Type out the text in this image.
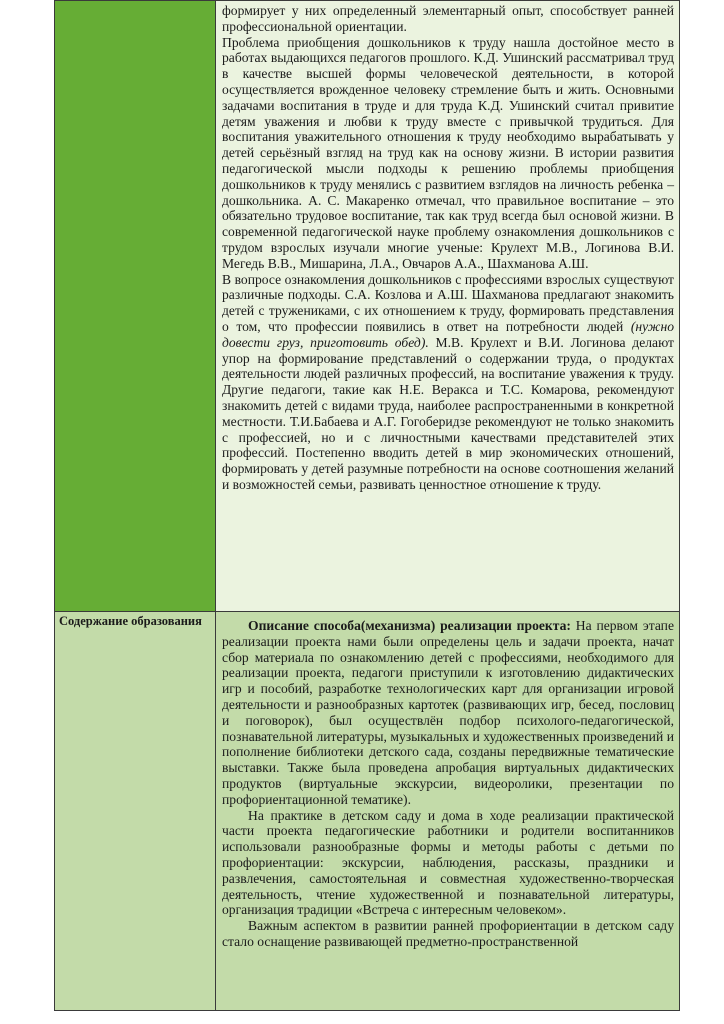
	формирует у них определенный элементарный опыт, способствует ранней профессиональной ориентации.

Проблема приобщения дошкольников к труду нашла достойное место в работах выдающихся педагогов прошлого. К.Д. Ушинский рассматривал труд в качестве высшей формы человеческой деятельности, в которой осуществляется врожденное человеку стремление быть и жить. Основными задачами воспитания в труде и для труда К.Д. Ушинский считал привитие детям уважения и любви к труду вместе с привычкой трудиться. Для воспитания уважительного отношения к труду необходимо вырабатывать у детей серьёзный взгляд на труд как на основу жизни. В истории развития педагогической мысли подходы к решению проблемы приобщения дошкольников к труду менялись с развитием взглядов на личность ребенка – дошкольника. А. С. Макаренко отмечал, что правильное воспитание – это обязательно трудовое воспитание, так как труд всегда был основой жизни. В современной педагогической науке проблему ознакомления дошкольников с трудом взрослых изучали многие ученые: Крулехт М.В., Логинова В.И. Мегедь В.В., Мишарина, Л.А., Овчаров А.А., Шахманова А.Ш.

В вопросе ознакомления дошкольников с профессиями взрослых существуют различные подходы. С.А. Козлова и А.Ш. Шахманова предлагают знакомить детей с тружениками, с их отношением к труду, формировать представления о том, что профессии появились в ответ на потребности людей (нужно довести груз, приготовить обед). М.В. Крулехт и В.И. Логинова делают упор на формирование представлений о содержании труда, о продуктах деятельности людей различных профессий, на воспитание уважения к труду. Другие педагоги, такие как Н.Е. Веракса и Т.С. Комарова, рекомендуют знакомить детей с видами труда, наиболее распространенными в конкретной местности. Т.И.Бабаева и А.Г. Гогоберидзе рекомендуют не только знакомить с профессией, но и с личностными качествами представителей этих профессий. Постепенно вводить детей в мир экономических отношений, формировать у детей разумные потребности на основе соотношения желаний и возможностей семьи, развивать ценностное отношение к труду.

Содержание образования	Описание способа(механизма) реализации проекта: На первом этапе реализации проекта нами были определены цель и задачи проекта, начат сбор материала по ознакомлению детей с профессиями, необходимого для реализации проекта, педагоги приступили к изготовлению дидактических игр и пособий, разработке технологических карт для организации игровой деятельности и разнообразных картотек (развивающих игр, бесед, пословиц и поговорок), был осуществлён подбор психолого-педагогической, познавательной литературы, музыкальных и художественных произведений и пополнение библиотеки детского сада, созданы передвижные тематические выставки. Также была проведена апробация виртуальных дидактических продуктов (виртуальные экскурсии, видеоролики, презентации по профориентационной тематике).

На практике в детском саду и дома в ходе реализации практической части проекта педагогические работники и родители воспитанников использовали разнообразные формы и методы работы с детьми по профориентации: экскурсии, наблюдения, рассказы, праздники и развлечения, самостоятельная и совместная художественно-творческая деятельность, чтение художественной и познавательной литературы, организация традиции «Встреча с интересным человеком».

Важным аспектом в развитии ранней профориентации в детском саду стало оснащение развивающей предметно-пространственной
